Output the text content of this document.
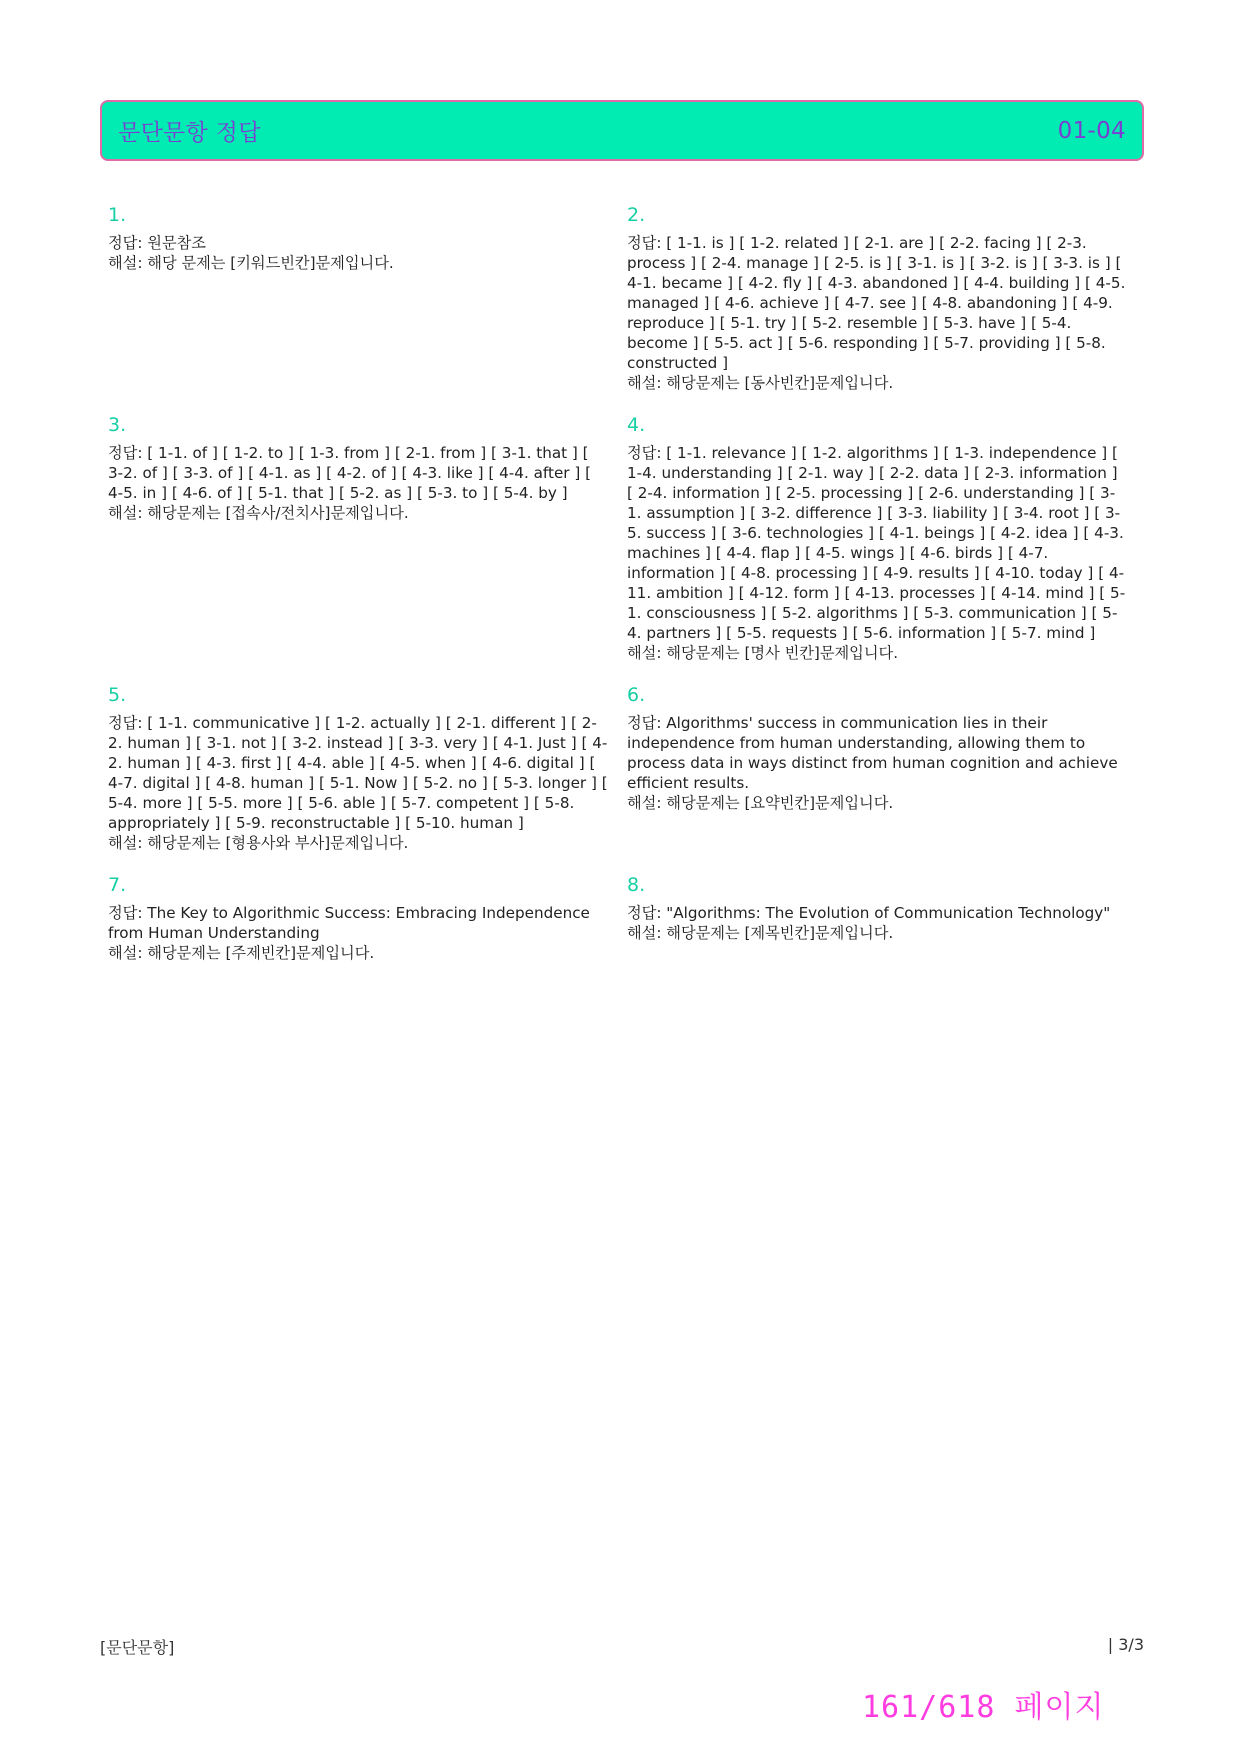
문단문항 정답	01-04
1.
정답: 원문참조
해설: 해당 문제는 [키워드빈칸]문제입니다.
2.
정답: [ 1-1. is ] [ 1-2. related ] [ 2-1. are ] [ 2-2. facing ] [ 2-3. process ] [ 2-4. manage ] [ 2-5. is ] [ 3-1. is ] [ 3-2. is ] [ 3-3. is ] [ 4-1. became ] [ 4-2. fly ] [ 4-3. abandoned ] [ 4-4. building ] [ 4-5. managed ] [ 4-6. achieve ] [ 4-7. see ] [ 4-8. abandoning ] [ 4-9. reproduce ] [ 5-1. try ] [ 5-2. resemble ] [ 5-3. have ] [ 5-4. become ] [ 5-5. act ] [ 5-6. responding ] [ 5-7. providing ] [ 5-8. constructed ]
해설: 해당문제는 [동사빈칸]문제입니다.
3.
정답: [ 1-1. of ] [ 1-2. to ] [ 1-3. from ] [ 2-1. from ] [ 3-1. that ] [ 3-2. of ] [ 3-3. of ] [ 4-1. as ] [ 4-2. of ] [ 4-3. like ] [ 4-4. after ] [ 4-5. in ] [ 4-6. of ] [ 5-1. that ] [ 5-2. as ] [ 5-3. to ] [ 5-4. by ]
해설: 해당문제는 [접속사/전치사]문제입니다.
4.
정답: [ 1-1. relevance ] [ 1-2. algorithms ] [ 1-3. independence ] [ 1-4. understanding ] [ 2-1. way ] [ 2-2. data ] [ 2-3. information ] [ 2-4. information ] [ 2-5. processing ] [ 2-6. understanding ] [ 3-1. assumption ] [ 3-2. difference ] [ 3-3. liability ] [ 3-4. root ] [ 3-5. success ] [ 3-6. technologies ] [ 4-1. beings ] [ 4-2. idea ] [ 4-3. machines ] [ 4-4. flap ] [ 4-5. wings ] [ 4-6. birds ] [ 4-7. information ] [ 4-8. processing ] [ 4-9. results ] [ 4-10. today ] [ 4-11. ambition ] [ 4-12. form ] [ 4-13. processes ] [ 4-14. mind ] [ 5-1. consciousness ] [ 5-2. algorithms ] [ 5-3. communication ] [ 5-4. partners ] [ 5-5. requests ] [ 5-6. information ] [ 5-7. mind ]
해설: 해당문제는 [명사 빈칸]문제입니다.
5.
정답: [ 1-1. communicative ] [ 1-2. actually ] [ 2-1. different ] [ 2-2. human ] [ 3-1. not ] [ 3-2. instead ] [ 3-3. very ] [ 4-1. Just ] [ 4-2. human ] [ 4-3. first ] [ 4-4. able ] [ 4-5. when ] [ 4-6. digital ] [ 4-7. digital ] [ 4-8. human ] [ 5-1. Now ] [ 5-2. no ] [ 5-3. longer ] [ 5-4. more ] [ 5-5. more ] [ 5-6. able ] [ 5-7. competent ] [ 5-8. appropriately ] [ 5-9. reconstructable ] [ 5-10. human ]
해설: 해당문제는 [형용사와 부사]문제입니다.
6.
정답: Algorithms' success in communication lies in their independence from human understanding, allowing them to process data in ways distinct from human cognition and achieve efficient results.
해설: 해당문제는 [요약빈칸]문제입니다.
7.
정답: The Key to Algorithmic Success: Embracing Independence from Human Understanding
해설: 해당문제는 [주제빈칸]문제입니다.
8.
정답: "Algorithms: The Evolution of Communication Technology"
해설: 해당문제는 [제목빈칸]문제입니다.
[문단문항]	| 3/3
161/618 페이지
